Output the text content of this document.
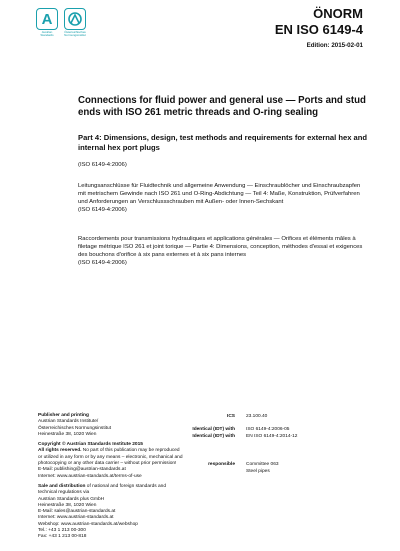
A
Austrian
Standards
Österreichisches
Normungsinstitut
ÖNORM
EN ISO 6149-4
Edition: 2015-02-01
Connections for fluid power and general use — Ports and stud ends with ISO 261 metric threads and O-ring sealing
Part 4: Dimensions, design, test methods and requirements for external hex and internal hex port plugs
(ISO 6149-4:2006)
Leitungsanschlüsse für Fluidtechnik und allgemeine Anwendung — Einschraublöcher und Einschraubzapfen mit metrischem Gewinde nach ISO 261 und O-Ring-Abdichtung — Teil 4: Maße, Konstruktion, Prüfverfahren und Anforderungen an Verschlussschrauben mit Außen- oder Innen-Sechskant
(ISO 6149-4:2006)
Raccordements pour transmissions hydrauliques et applications générales — Orifices et éléments mâles à filetage métrique ISO 261 et joint torique — Partie 4: Dimensions, conception, méthodes d'essai et exigences des bouchons d'orifice à six pans externes et à six pans internes
(ISO 6149-4:2006)
Publisher and printing
Austrian Standards Institute/
Österreichisches Normungsinstitut
Heinestraße 38, 1020 Wien
Copyright © Austrian Standards Institute 2015
All rights reserved. No part of this publication may be reproduced or utilized in any form or by any means – electronic, mechanical and photocopying or any other data carrier – without prior permission!
E-Mail: publishing@austrian-standards.at
Internet: www.austrian-standards.at/terms-of-use
Sale and distribution of national and foreign standards and technical regulations via
Austrian Standards plus GmbH
Heinestraße 38, 1020 Wien
E-Mail: sales@austrian-standards.at
Internet: www.austrian-standards.at
Webshop: www.austrian-standards.at/webshop
Tel.: +43 1 213 00-300
Fax: +43 1 213 00-818
ICS 23.100.40
Identical (IDT) with ISO 6149-4:2006-05
Identical (IDT) with EN ISO 6149-4:2014-12
responsible Committee 063
Steel pipes
